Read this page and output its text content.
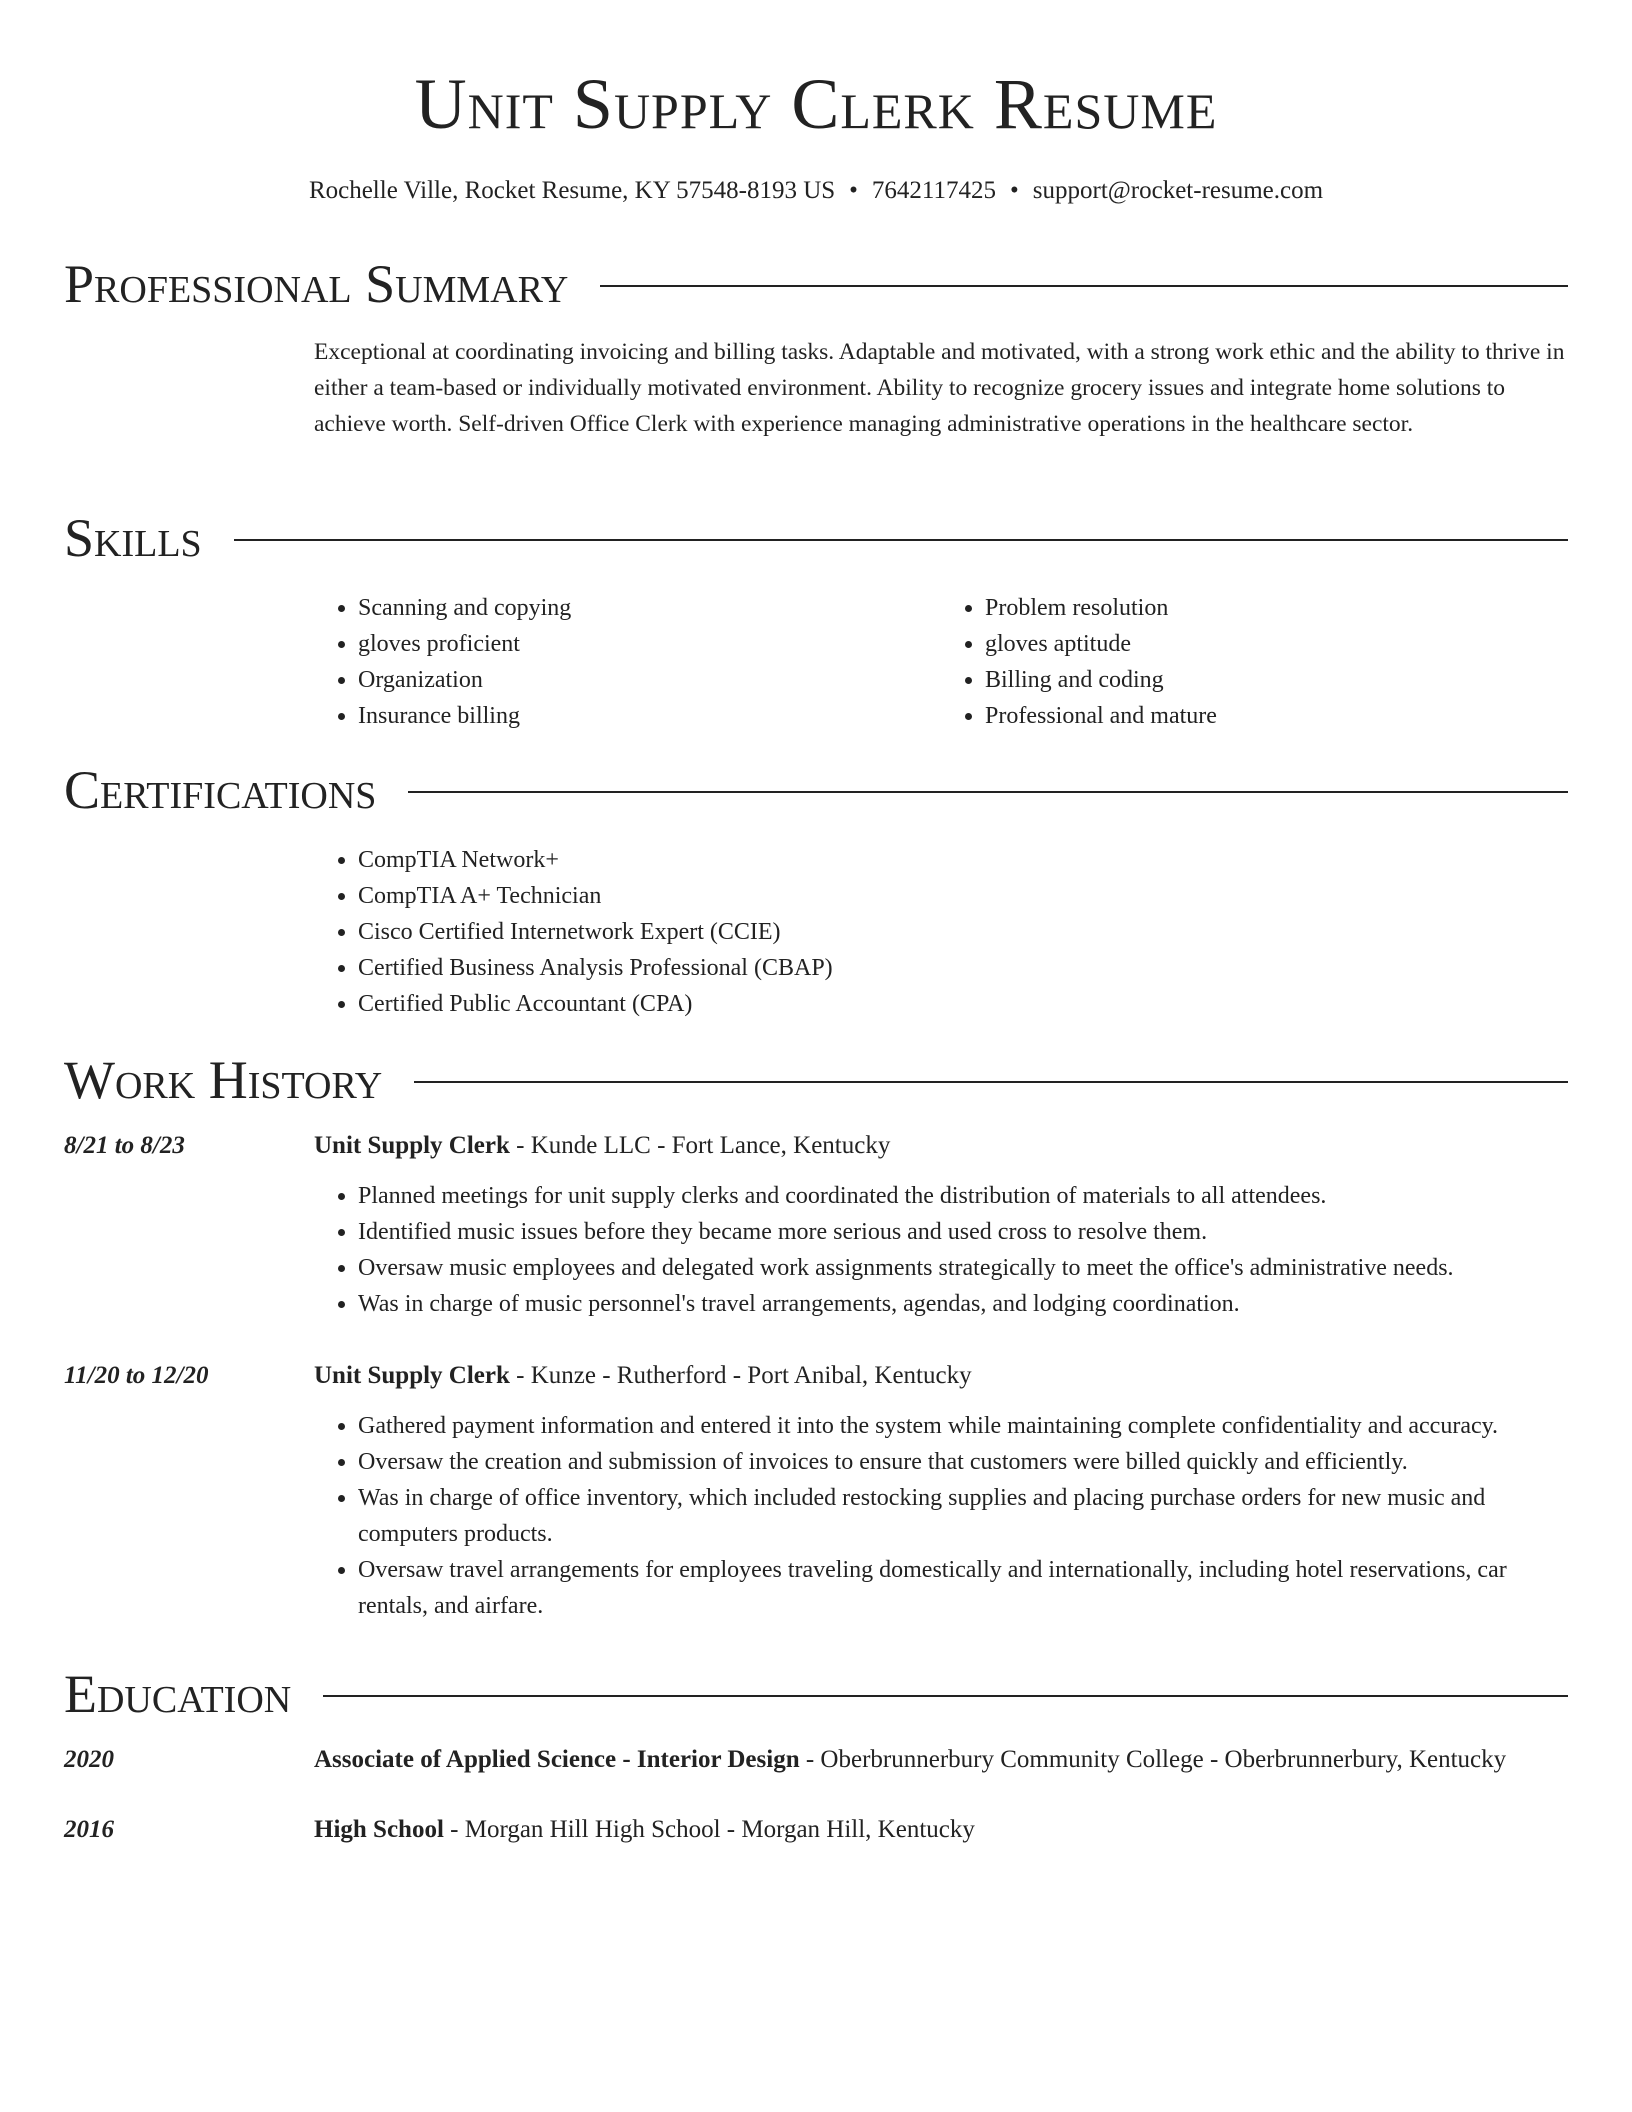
Unit Supply Clerk Resume
Rochelle Ville, Rocket Resume, KY 57548-8193 US • 7642117425 • support@rocket-resume.com
Professional Summary
Exceptional at coordinating invoicing and billing tasks. Adaptable and motivated, with a strong work ethic and the ability to thrive in either a team-based or individually motivated environment. Ability to recognize grocery issues and integrate home solutions to achieve worth. Self-driven Office Clerk with experience managing administrative operations in the healthcare sector.
Skills
• Scanning and copying
• gloves proficient
• Organization
• Insurance billing
• Problem resolution
• gloves aptitude
• Billing and coding
• Professional and mature
Certifications
• CompTIA Network+
• CompTIA A+ Technician
• Cisco Certified Internetwork Expert (CCIE)
• Certified Business Analysis Professional (CBAP)
• Certified Public Accountant (CPA)
Work History
8/21 to 8/23	Unit Supply Clerk - Kunde LLC - Fort Lance, Kentucky
• Planned meetings for unit supply clerks and coordinated the distribution of materials to all attendees.
• Identified music issues before they became more serious and used cross to resolve them.
• Oversaw music employees and delegated work assignments strategically to meet the office's administrative needs.
• Was in charge of music personnel's travel arrangements, agendas, and lodging coordination.
11/20 to 12/20	Unit Supply Clerk - Kunze - Rutherford - Port Anibal, Kentucky
• Gathered payment information and entered it into the system while maintaining complete confidentiality and accuracy.
• Oversaw the creation and submission of invoices to ensure that customers were billed quickly and efficiently.
• Was in charge of office inventory, which included restocking supplies and placing purchase orders for new music and computers products.
• Oversaw travel arrangements for employees traveling domestically and internationally, including hotel reservations, car rentals, and airfare.
Education
2020	Associate of Applied Science - Interior Design - Oberbrunnerbury Community College - Oberbrunnerbury, Kentucky
2016	High School - Morgan Hill High School - Morgan Hill, Kentucky
